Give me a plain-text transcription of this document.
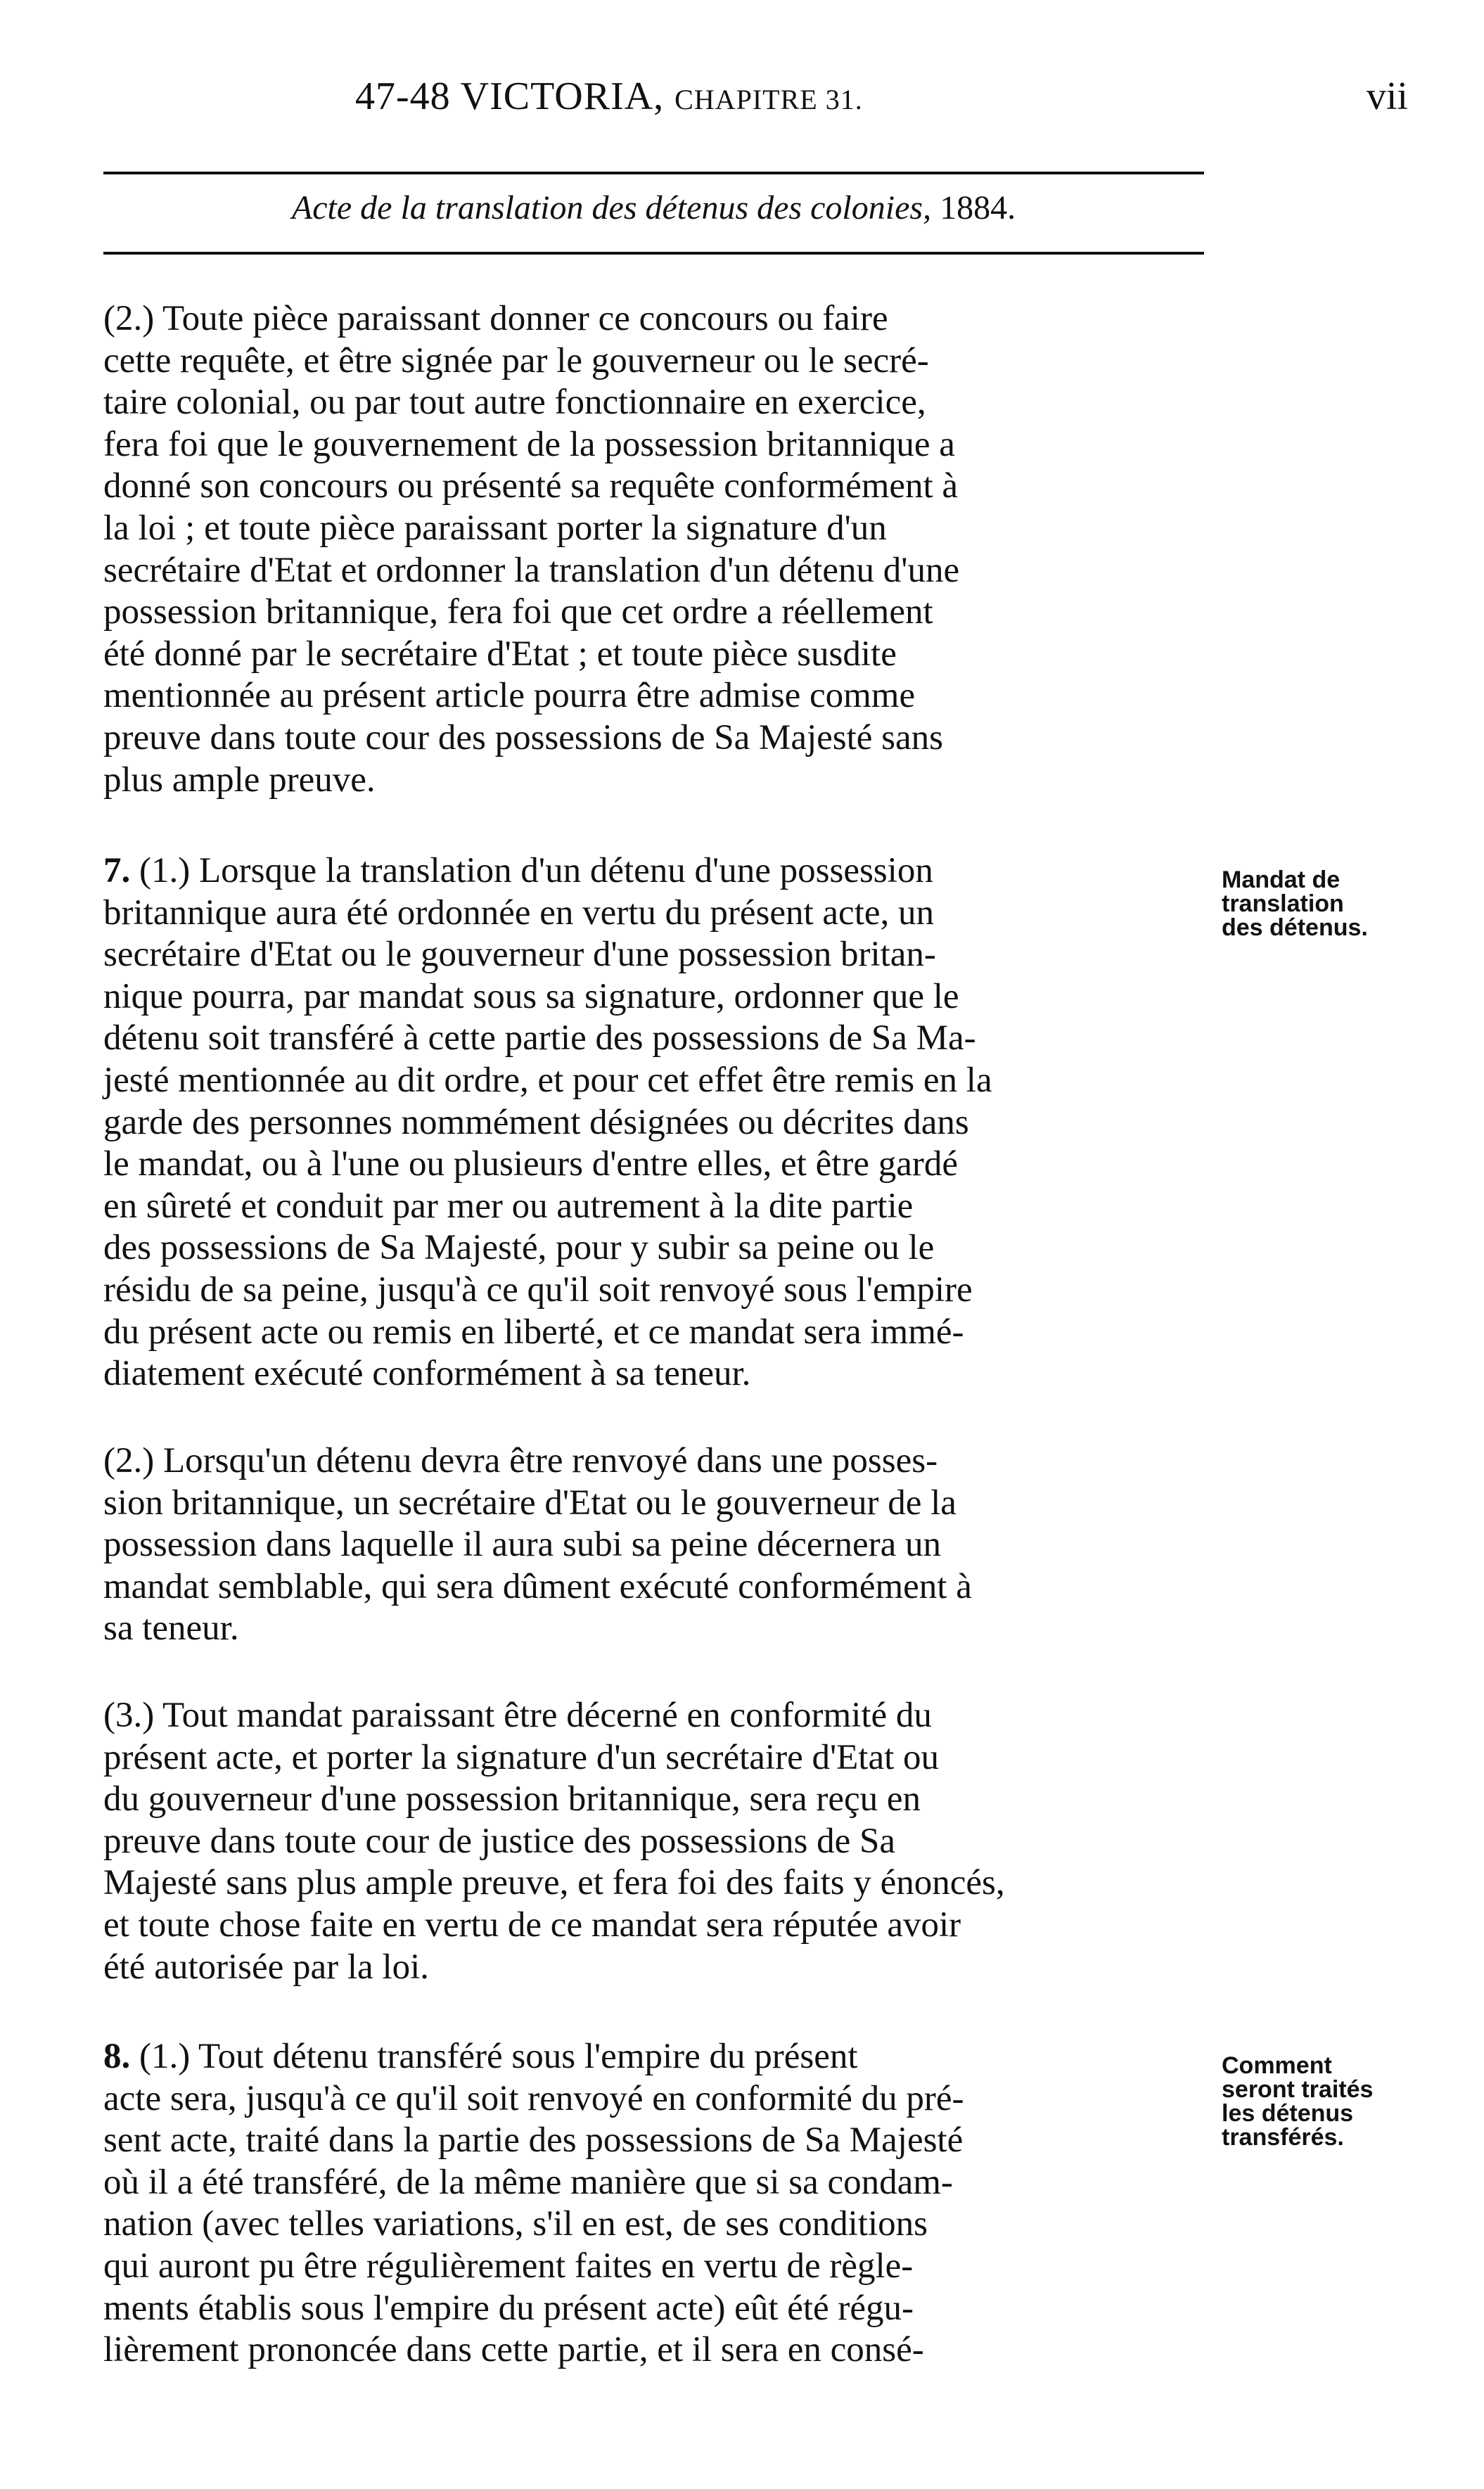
47-48 VICTORIA, CHAPITRE 31.	vii
Acte de la translation des détenus des colonies, 1884.

(2.) Toute pièce paraissant donner ce concours ou faire
cette requête, et être signée par le gouverneur ou le secré-
taire colonial, ou par tout autre fonctionnaire en exercice,
fera foi que le gouvernement de la possession britannique a
donné son concours ou présenté sa requête conformément à
la loi ; et toute pièce paraissant porter la signature d'un
secrétaire d'Etat et ordonner la translation d'un détenu d'une
possession britannique, fera foi que cet ordre a réellement
été donné par le secrétaire d'Etat ; et toute pièce susdite
mentionnée au présent article pourra être admise comme
preuve dans toute cour des possessions de Sa Majesté sans
plus ample preuve.

7. (1.) Lorsque la translation d'un détenu d'une possession
britannique aura été ordonnée en vertu du présent acte, un
secrétaire d'Etat ou le gouverneur d'une possession britan-
nique pourra, par mandat sous sa signature, ordonner que le
détenu soit transféré à cette partie des possessions de Sa Ma-
jesté mentionnée au dit ordre, et pour cet effet être remis en la
garde des personnes nommément désignées ou décrites dans
le mandat, ou à l'une ou plusieurs d'entre elles, et être gardé
en sûreté et conduit par mer ou autrement à la dite partie
des possessions de Sa Majesté, pour y subir sa peine ou le
résidu de sa peine, jusqu'à ce qu'il soit renvoyé sous l'empire
du présent acte ou remis en liberté, et ce mandat sera immé-
diatement exécuté conformément à sa teneur.

Mandat de
translation
des détenus.

(2.) Lorsqu'un détenu devra être renvoyé dans une posses-
sion britannique, un secrétaire d'Etat ou le gouverneur de la
possession dans laquelle il aura subi sa peine décernera un
mandat semblable, qui sera dûment exécuté conformément à
sa teneur.

(3.) Tout mandat paraissant être décerné en conformité du
présent acte, et porter la signature d'un secrétaire d'Etat ou
du gouverneur d'une possession britannique, sera reçu en
preuve dans toute cour de justice des possessions de Sa
Majesté sans plus ample preuve, et fera foi des faits y énoncés,
et toute chose faite en vertu de ce mandat sera réputée avoir
été autorisée par la loi.

8. (1.) Tout détenu transféré sous l'empire du présent
acte sera, jusqu'à ce qu'il soit renvoyé en conformité du pré-
sent acte, traité dans la partie des possessions de Sa Majesté
où il a été transféré, de la même manière que si sa condam-
nation (avec telles variations, s'il en est, de ses conditions
qui auront pu être régulièrement faites en vertu de règle-
ments établis sous l'empire du présent acte) eût été régu-
lièrement prononcée dans cette partie, et il sera en consé-

Comment
seront traités
les détenus
transférés.
